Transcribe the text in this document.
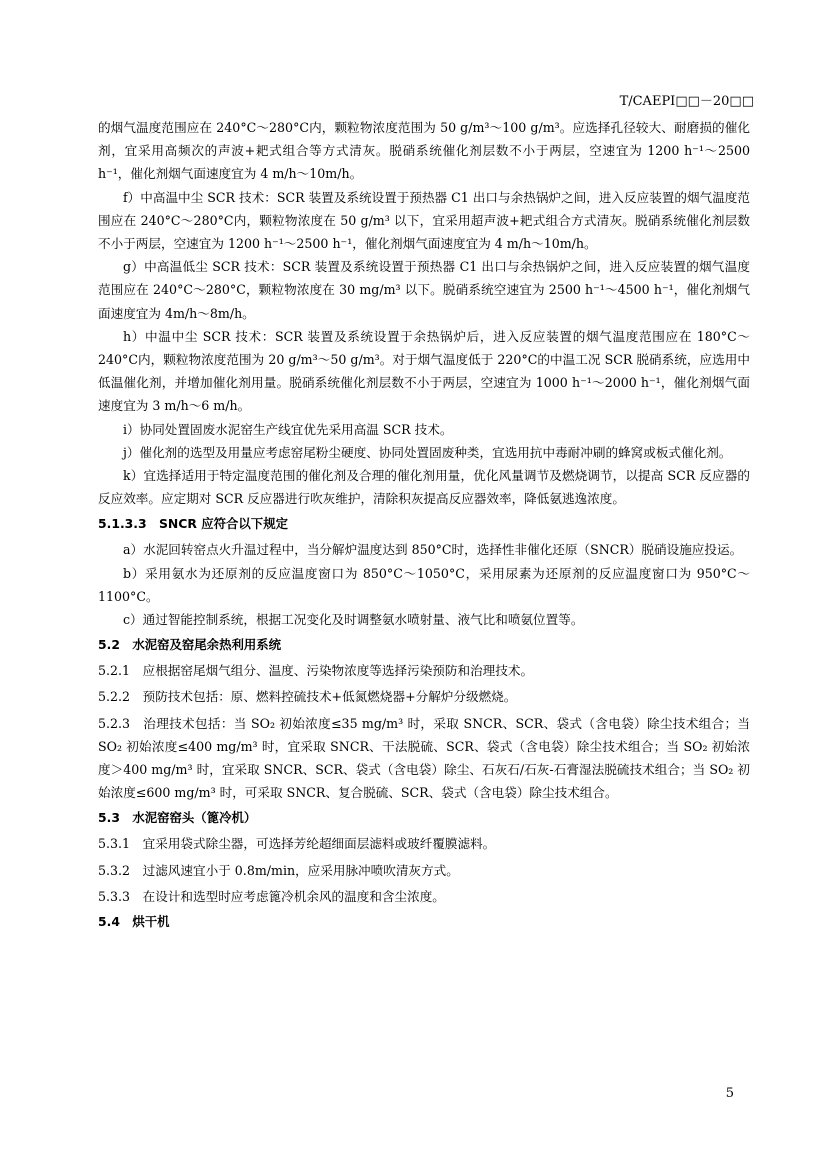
T/CAEPI□□－20□□

的烟气温度范围应在 240°C～280°C内，颗粒物浓度范围为 50 g/m³～100 g/m³。应选择孔径较大、耐磨损的催化剂，宜采用高频次的声波+耙式组合等方式清灰。脱硝系统催化剂层数不小于两层，空速宜为 1200 h⁻¹～2500 h⁻¹，催化剂烟气面速度宜为 4 m/h～10m/h。

f）中高温中尘 SCR 技术：SCR 装置及系统设置于预热器 C1 出口与余热锅炉之间，进入反应装置的烟气温度范围应在 240°C～280°C内，颗粒物浓度在 50 g/m³ 以下，宜采用超声波+耙式组合方式清灰。脱硝系统催化剂层数不小于两层，空速宜为 1200 h⁻¹～2500 h⁻¹，催化剂烟气面速度宜为 4 m/h～10m/h。

g）中高温低尘 SCR 技术：SCR 装置及系统设置于预热器 C1 出口与余热锅炉之间，进入反应装置的烟气温度范围应在 240°C～280°C，颗粒物浓度在 30 mg/m³ 以下。脱硝系统空速宜为 2500 h⁻¹～4500 h⁻¹，催化剂烟气面速度宜为 4m/h～8m/h。

h）中温中尘 SCR 技术：SCR 装置及系统设置于余热锅炉后，进入反应装置的烟气温度范围应在 180°C～240°C内，颗粒物浓度范围为 20 g/m³～50 g/m³。对于烟气温度低于 220°C的中温工况 SCR 脱硝系统，应选用中低温催化剂，并增加催化剂用量。脱硝系统催化剂层数不小于两层，空速宜为 1000 h⁻¹～2000 h⁻¹，催化剂烟气面速度宜为 3 m/h～6 m/h。

i）协同处置固废水泥窑生产线宜优先采用高温 SCR 技术。

j）催化剂的选型及用量应考虑窑尾粉尘硬度、协同处置固废种类，宜选用抗中毒耐冲刷的蜂窝或板式催化剂。

k）宜选择适用于特定温度范围的催化剂及合理的催化剂用量，优化风量调节及燃烧调节，以提高 SCR 反应器的反应效率。应定期对 SCR 反应器进行吹灰维护，清除积灰提高反应器效率，降低氨逃逸浓度。

5.1.3.3　SNCR 应符合以下规定

a）水泥回转窑点火升温过程中，当分解炉温度达到 850°C时，选择性非催化还原（SNCR）脱硝设施应投运。

b）采用氨水为还原剂的反应温度窗口为 850°C～1050°C，采用尿素为还原剂的反应温度窗口为 950°C～1100°C。

c）通过智能控制系统，根据工况变化及时调整氨水喷射量、液气比和喷氨位置等。

5.2　水泥窑及窑尾余热利用系统

5.2.1　应根据窑尾烟气组分、温度、污染物浓度等选择污染预防和治理技术。

5.2.2　预防技术包括：原、燃料控硫技术+低氮燃烧器+分解炉分级燃烧。

5.2.3　治理技术包括：当 SO₂ 初始浓度≤35 mg/m³ 时，采取 SNCR、SCR、袋式（含电袋）除尘技术组合；当 SO₂ 初始浓度≤400 mg/m³ 时，宜采取 SNCR、干法脱硫、SCR、袋式（含电袋）除尘技术组合；当 SO₂ 初始浓度＞400 mg/m³ 时，宜采取 SNCR、SCR、袋式（含电袋）除尘、石灰石/石灰-石膏湿法脱硫技术组合；当 SO₂ 初始浓度≤600 mg/m³ 时，可采取 SNCR、复合脱硫、SCR、袋式（含电袋）除尘技术组合。

5.3　水泥窑窑头（篦冷机）

5.3.1　宜采用袋式除尘器，可选择芳纶超细面层滤料或玻纤覆膜滤料。

5.3.2　过滤风速宜小于 0.8m/min，应采用脉冲喷吹清灰方式。

5.3.3　在设计和选型时应考虑篦冷机余风的温度和含尘浓度。

5.4　烘干机
5
